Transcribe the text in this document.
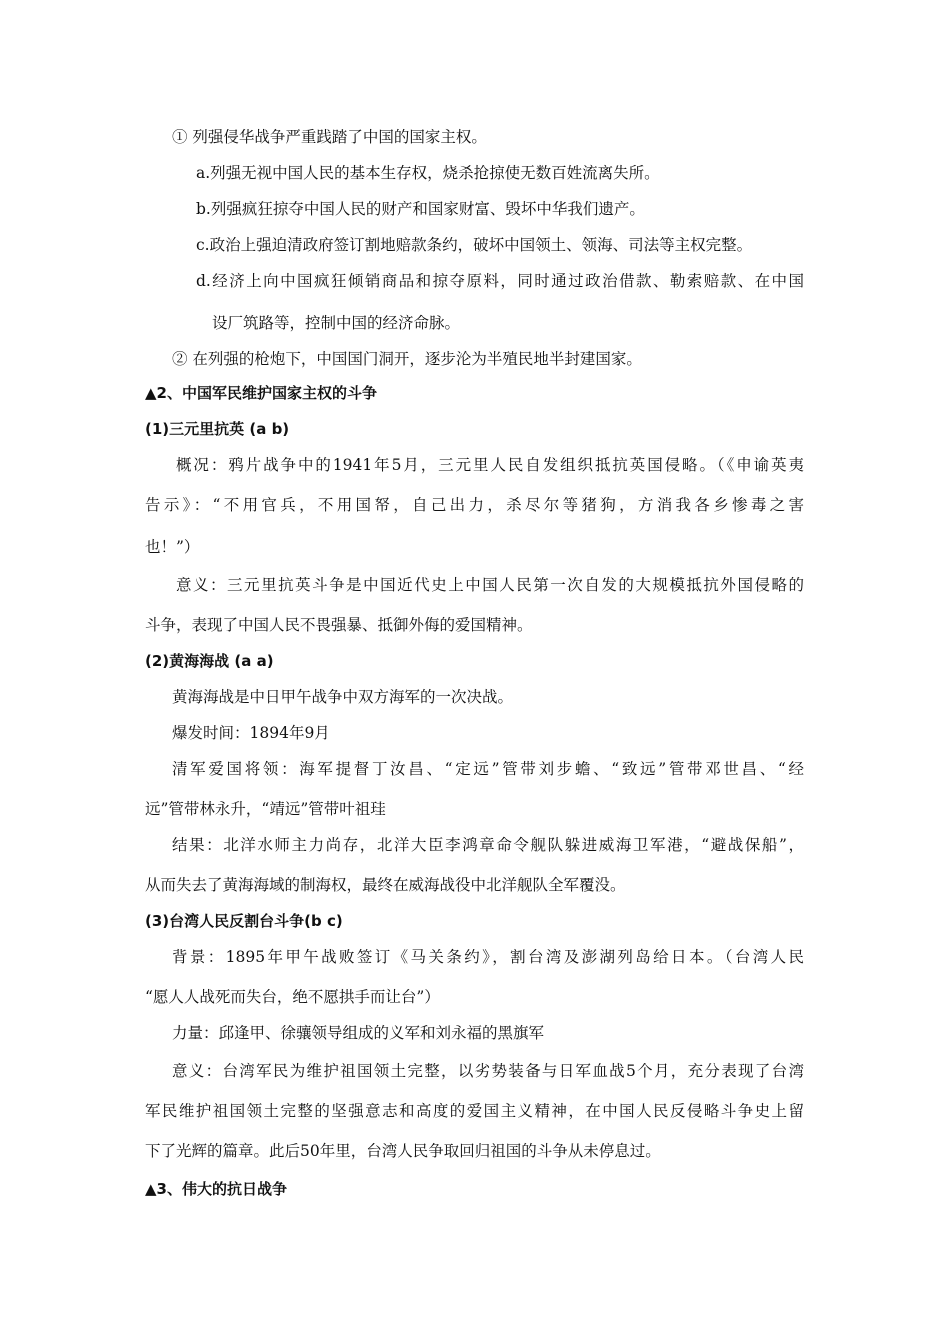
① 列强侵华战争严重践踏了中国的国家主权。
a.列强无视中国人民的基本生存权，烧杀抢掠使无数百姓流离失所。
b.列强疯狂掠夺中国人民的财产和国家财富、毁坏中华我们遗产。
c.政治上强迫清政府签订割地赔款条约，破坏中国领土、领海、司法等主权完整。
d.经济上向中国疯狂倾销商品和掠夺原料，同时通过政治借款、勒索赔款、在中国
设厂筑路等，控制中国的经济命脉。
② 在列强的枪炮下，中国国门洞开，逐步沦为半殖民地半封建国家。
▲2、中国军民维护国家主权的斗争
(1)三元里抗英 (a b)
概况：鸦片战争中的1941年5月，三元里人民自发组织抵抗英国侵略。（《申谕英夷
告示》：“不用官兵，不用国帑，自己出力，杀尽尔等猪狗，方消我各乡惨毒之害
也！”）
意义：三元里抗英斗争是中国近代史上中国人民第一次自发的大规模抵抗外国侵略的
斗争，表现了中国人民不畏强暴、抵御外侮的爱国精神。
(2)黄海海战 (a a)
黄海海战是中日甲午战争中双方海军的一次决战。
爆发时间：1894年9月
清军爱国将领：海军提督丁汝昌、“定远”管带刘步蟾、“致远”管带邓世昌、“经
远”管带林永升，“靖远”管带叶祖珪
结果：北洋水师主力尚存，北洋大臣李鸿章命令舰队躲进威海卫军港，“避战保船”，
从而失去了黄海海域的制海权，最终在威海战役中北洋舰队全军覆没。
(3)台湾人民反割台斗争(b c)
背景：1895年甲午战败签订《马关条约》，割台湾及澎湖列岛给日本。（台湾人民
“愿人人战死而失台，绝不愿拱手而让台”）
力量：邱逢甲、徐骧领导组成的义军和刘永福的黑旗军
意义：台湾军民为维护祖国领土完整，以劣势装备与日军血战5个月，充分表现了台湾
军民维护祖国领土完整的坚强意志和高度的爱国主义精神，在中国人民反侵略斗争史上留
下了光辉的篇章。此后50年里，台湾人民争取回归祖国的斗争从未停息过。
▲3、伟大的抗日战争
